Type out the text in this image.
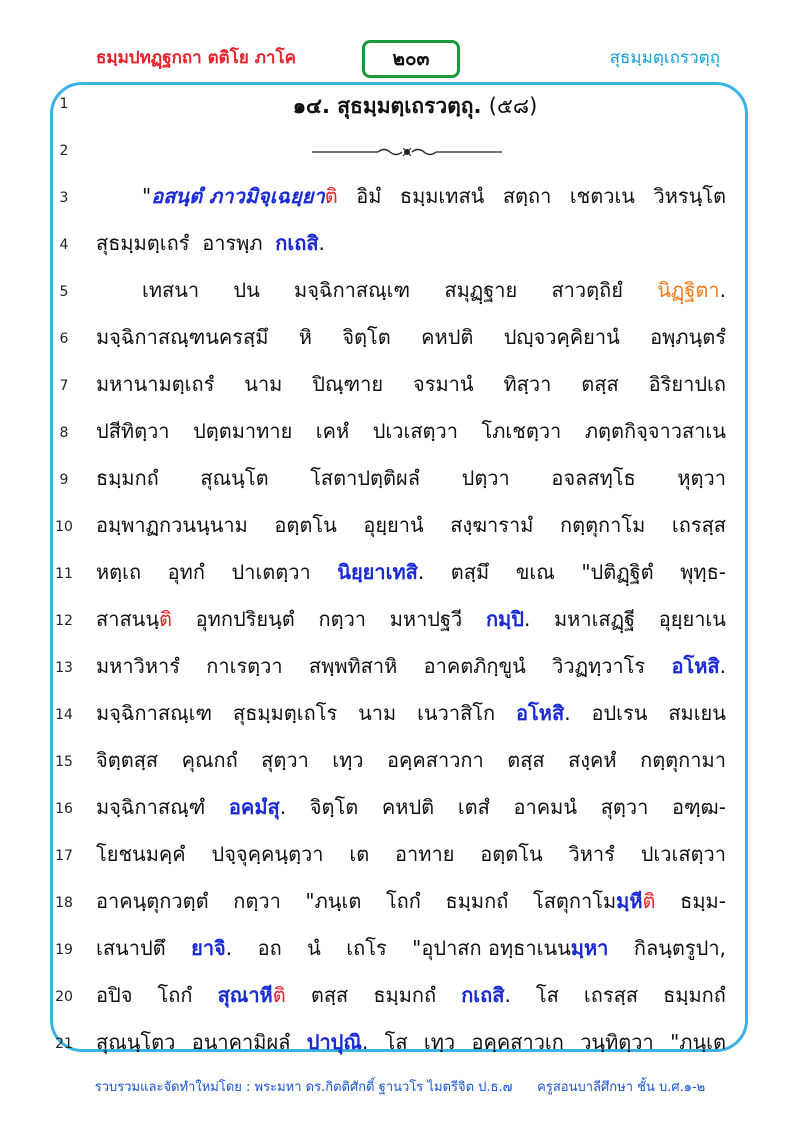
ธมฺมปทฏฺฐกถา ตติโย ภาโค	๒๐๓	สุธมฺมตฺเถรวตฺถุ
1
2
3
4
5
6
7
8
9
10
11
12
13
14
15
16
17
18
19
20
21
๑๔. สุธมฺมตฺเถรวตฺถุ. (๕๘)
"อสนฺตํ ภาวมิจฺเฉยฺยาติ อิมํ ธมฺมเทสนํ สตฺถา เชตวเน วิหรนฺโต
สุธมฺมตฺเถรํ อารพฺภ กเถสิ.
เทสนา ปน มจฺฉิกาสณฺเฑ สมุฏฺฐาย สาวตฺถิยํ นิฏฺฐิตา.
มจฺฉิกาสณฺฑนครสฺมึ หิ จิตฺโต คหปติ ปญฺจวคฺคิยานํ อพฺภนฺตรํ
มหานามตฺเถรํ นาม ปิณฺฑาย จรมานํ ทิสฺวา ตสฺส อิริยาปเถ
ปสีทิตฺวา ปตฺตมาทาย เคหํ ปเวเสตฺวา โภเชตฺวา ภตฺตกิจฺจาวสาเน
ธมฺมกถํ สุณนฺโต โสตาปตฺติผลํ ปตฺวา อจลสทฺโธ หุตฺวา
อมฺพาฏกวนนฺนาม อตฺตโน อุยฺยานํ สงฺฆารามํ กตฺตุกาโม เถรสฺส
หตฺเถ อุทกํ ปาเตตฺวา นิยฺยาเทสิ. ตสฺมึ ขเณ "ปติฏฺฐิตํ พุทฺธ-
สาสนนฺติ อุทกปริยนฺตํ กตฺวา มหาปฐวี กมฺปิ. มหาเสฏฺฐี อุยฺยาเน
มหาวิหารํ กาเรตฺวา สพฺพทิสาหิ อาคตภิกฺขูนํ วิวฏทฺวาโร อโหสิ.
มจฺฉิกาสณฺเฑ สุธมฺมตฺเถโร นาม เนวาสิโก อโหสิ. อปเรน สมเยน
จิตฺตสฺส คุณกถํ สุตฺวา เทฺว อคฺคสาวกา ตสฺส สงฺคหํ กตฺตุกามา
มจฺฉิกาสณฺฑํ อคมํสุ. จิตฺโต คหปติ เตสํ อาคมนํ สุตฺวา อฑฺฒ-
โยชนมคฺคํ ปจฺจุคฺคนฺตฺวา เต อาทาย อตฺตโน วิหารํ ปเวเสตฺวา
อาคนฺตุกวตฺตํ กตฺวา "ภนฺเต โถกํ ธมฺมกถํ โสตุกาโมมฺหีติ ธมฺม-
เสนาปตึ ยาจิ. อถ นํ เถโร "อุปาสก อทฺธาเนนมฺหา กิลนฺตรูปา,
อปิจ โถกํ สุณาหีติ ตสฺส ธมฺมกถํ กเถสิ. โส เถรสฺส ธมฺมกถํ
สุณนฺโตว อนาคามิผลํ ปาปุณิ. โส เทฺว อคฺคสาวเก วนฺทิตฺวา "ภนฺเต
รวบรวมและจัดทำใหม่โดย : พระมหา ดร.กิตติศักดิ์ ฐานวโร ไมตรีจิต ป.ธ.๗ ครูสอนบาลีศึกษา ชั้น บ.ศ.๑-๒
